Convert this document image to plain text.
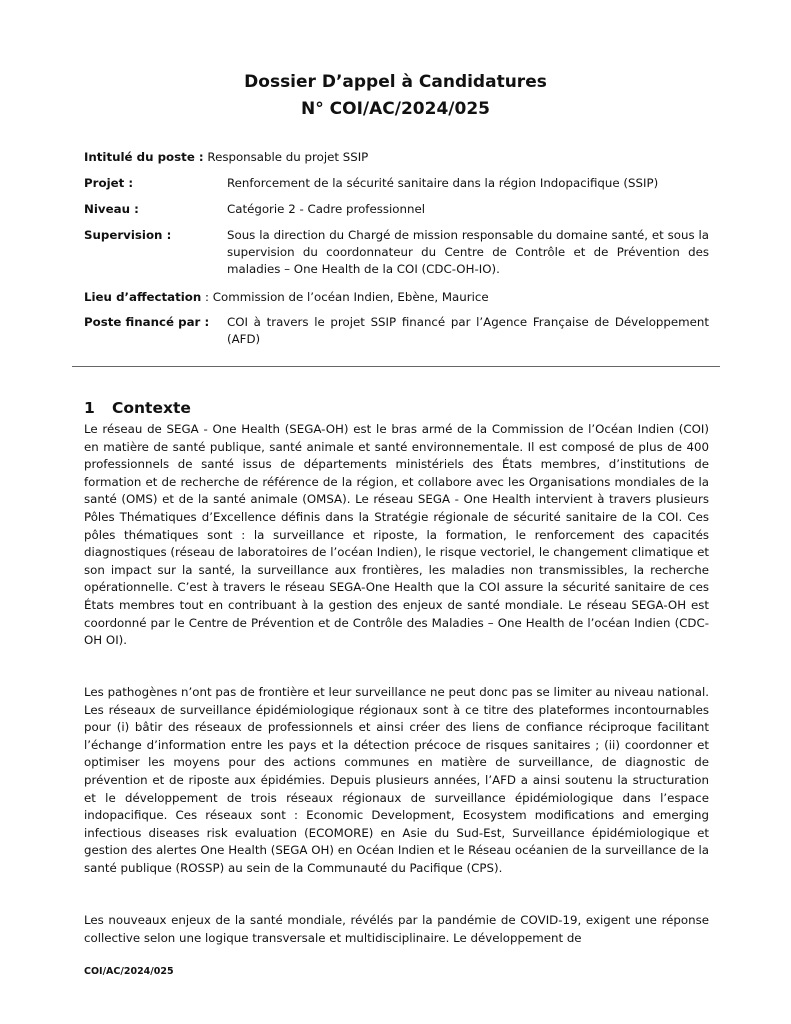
Dossier D’appel à Candidatures
N° COI/AC/2024/025
Intitulé du poste : Responsable du projet SSIP
Projet :	Renforcement de la sécurité sanitaire dans la région Indopacifique (SSIP)
Niveau :	Catégorie 2 - Cadre professionnel
Supervision :	Sous la direction du Chargé de mission responsable du domaine santé, et sous la supervision du coordonnateur du Centre de Contrôle et de Prévention des maladies – One Health de la COI (CDC-OH-IO).
Lieu d’affectation : Commission de l’océan Indien, Ebène, Maurice
Poste financé par : COI à travers le projet SSIP financé par l’Agence Française de Développement (AFD)
1 Contexte
Le réseau de SEGA - One Health (SEGA-OH) est le bras armé de la Commission de l’Océan Indien (COI) en matière de santé publique, santé animale et santé environnementale. Il est composé de plus de 400 professionnels de santé issus de départements ministériels des États membres, d’institutions de formation et de recherche de référence de la région, et collabore avec les Organisations mondiales de la santé (OMS) et de la santé animale (OMSA). Le réseau SEGA - One Health intervient à travers plusieurs Pôles Thématiques d’Excellence définis dans la Stratégie régionale de sécurité sanitaire de la COI. Ces pôles thématiques sont : la surveillance et riposte, la formation, le renforcement des capacités diagnostiques (réseau de laboratoires de l’océan Indien), le risque vectoriel, le changement climatique et son impact sur la santé, la surveillance aux frontières, les maladies non transmissibles, la recherche opérationnelle. C’est à travers le réseau SEGA-One Health que la COI assure la sécurité sanitaire de ces États membres tout en contribuant à la gestion des enjeux de santé mondiale. Le réseau SEGA-OH est coordonné par le Centre de Prévention et de Contrôle des Maladies – One Health de l’océan Indien (CDC-OH OI).
Les pathogènes n’ont pas de frontière et leur surveillance ne peut donc pas se limiter au niveau national. Les réseaux de surveillance épidémiologique régionaux sont à ce titre des plateformes incontournables pour (i) bâtir des réseaux de professionnels et ainsi créer des liens de confiance réciproque facilitant l’échange d’information entre les pays et la détection précoce de risques sanitaires ; (ii) coordonner et optimiser les moyens pour des actions communes en matière de surveillance, de diagnostic de prévention et de riposte aux épidémies. Depuis plusieurs années, l’AFD a ainsi soutenu la structuration et le développement de trois réseaux régionaux de surveillance épidémiologique dans l’espace indopacifique. Ces réseaux sont : Economic Development, Ecosystem modifications and emerging infectious diseases risk evaluation (ECOMORE) en Asie du Sud-Est, Surveillance épidémiologique et gestion des alertes One Health (SEGA OH) en Océan Indien et le Réseau océanien de la surveillance de la santé publique (ROSSP) au sein de la Communauté du Pacifique (CPS).
Les nouveaux enjeux de la santé mondiale, révélés par la pandémie de COVID-19, exigent une réponse collective selon une logique transversale et multidisciplinaire. Le développement de
COI/AC/2024/025
